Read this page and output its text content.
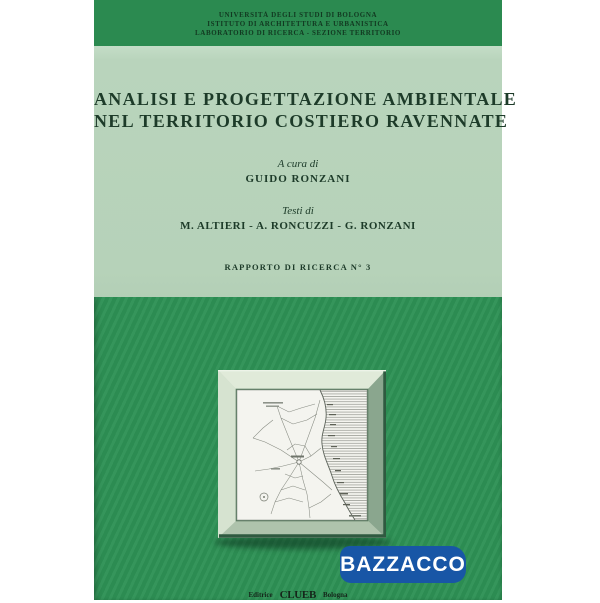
UNIVERSITÀ DEGLI STUDI DI BOLOGNA
ISTITUTO DI ARCHITETTURA E URBANISTICA
LABORATORIO DI RICERCA - SEZIONE TERRITORIO
ANALISI E PROGETTAZIONE AMBIENTALE
NEL TERRITORIO COSTIERO RAVENNATE
A cura di
GUIDO RONZANI
Testi di
M. ALTIERI - A. RONCUZZI - G. RONZANI
RAPPORTO DI RICERCA N° 3
BAZZACCO
Editrice CLUEB Bologna
